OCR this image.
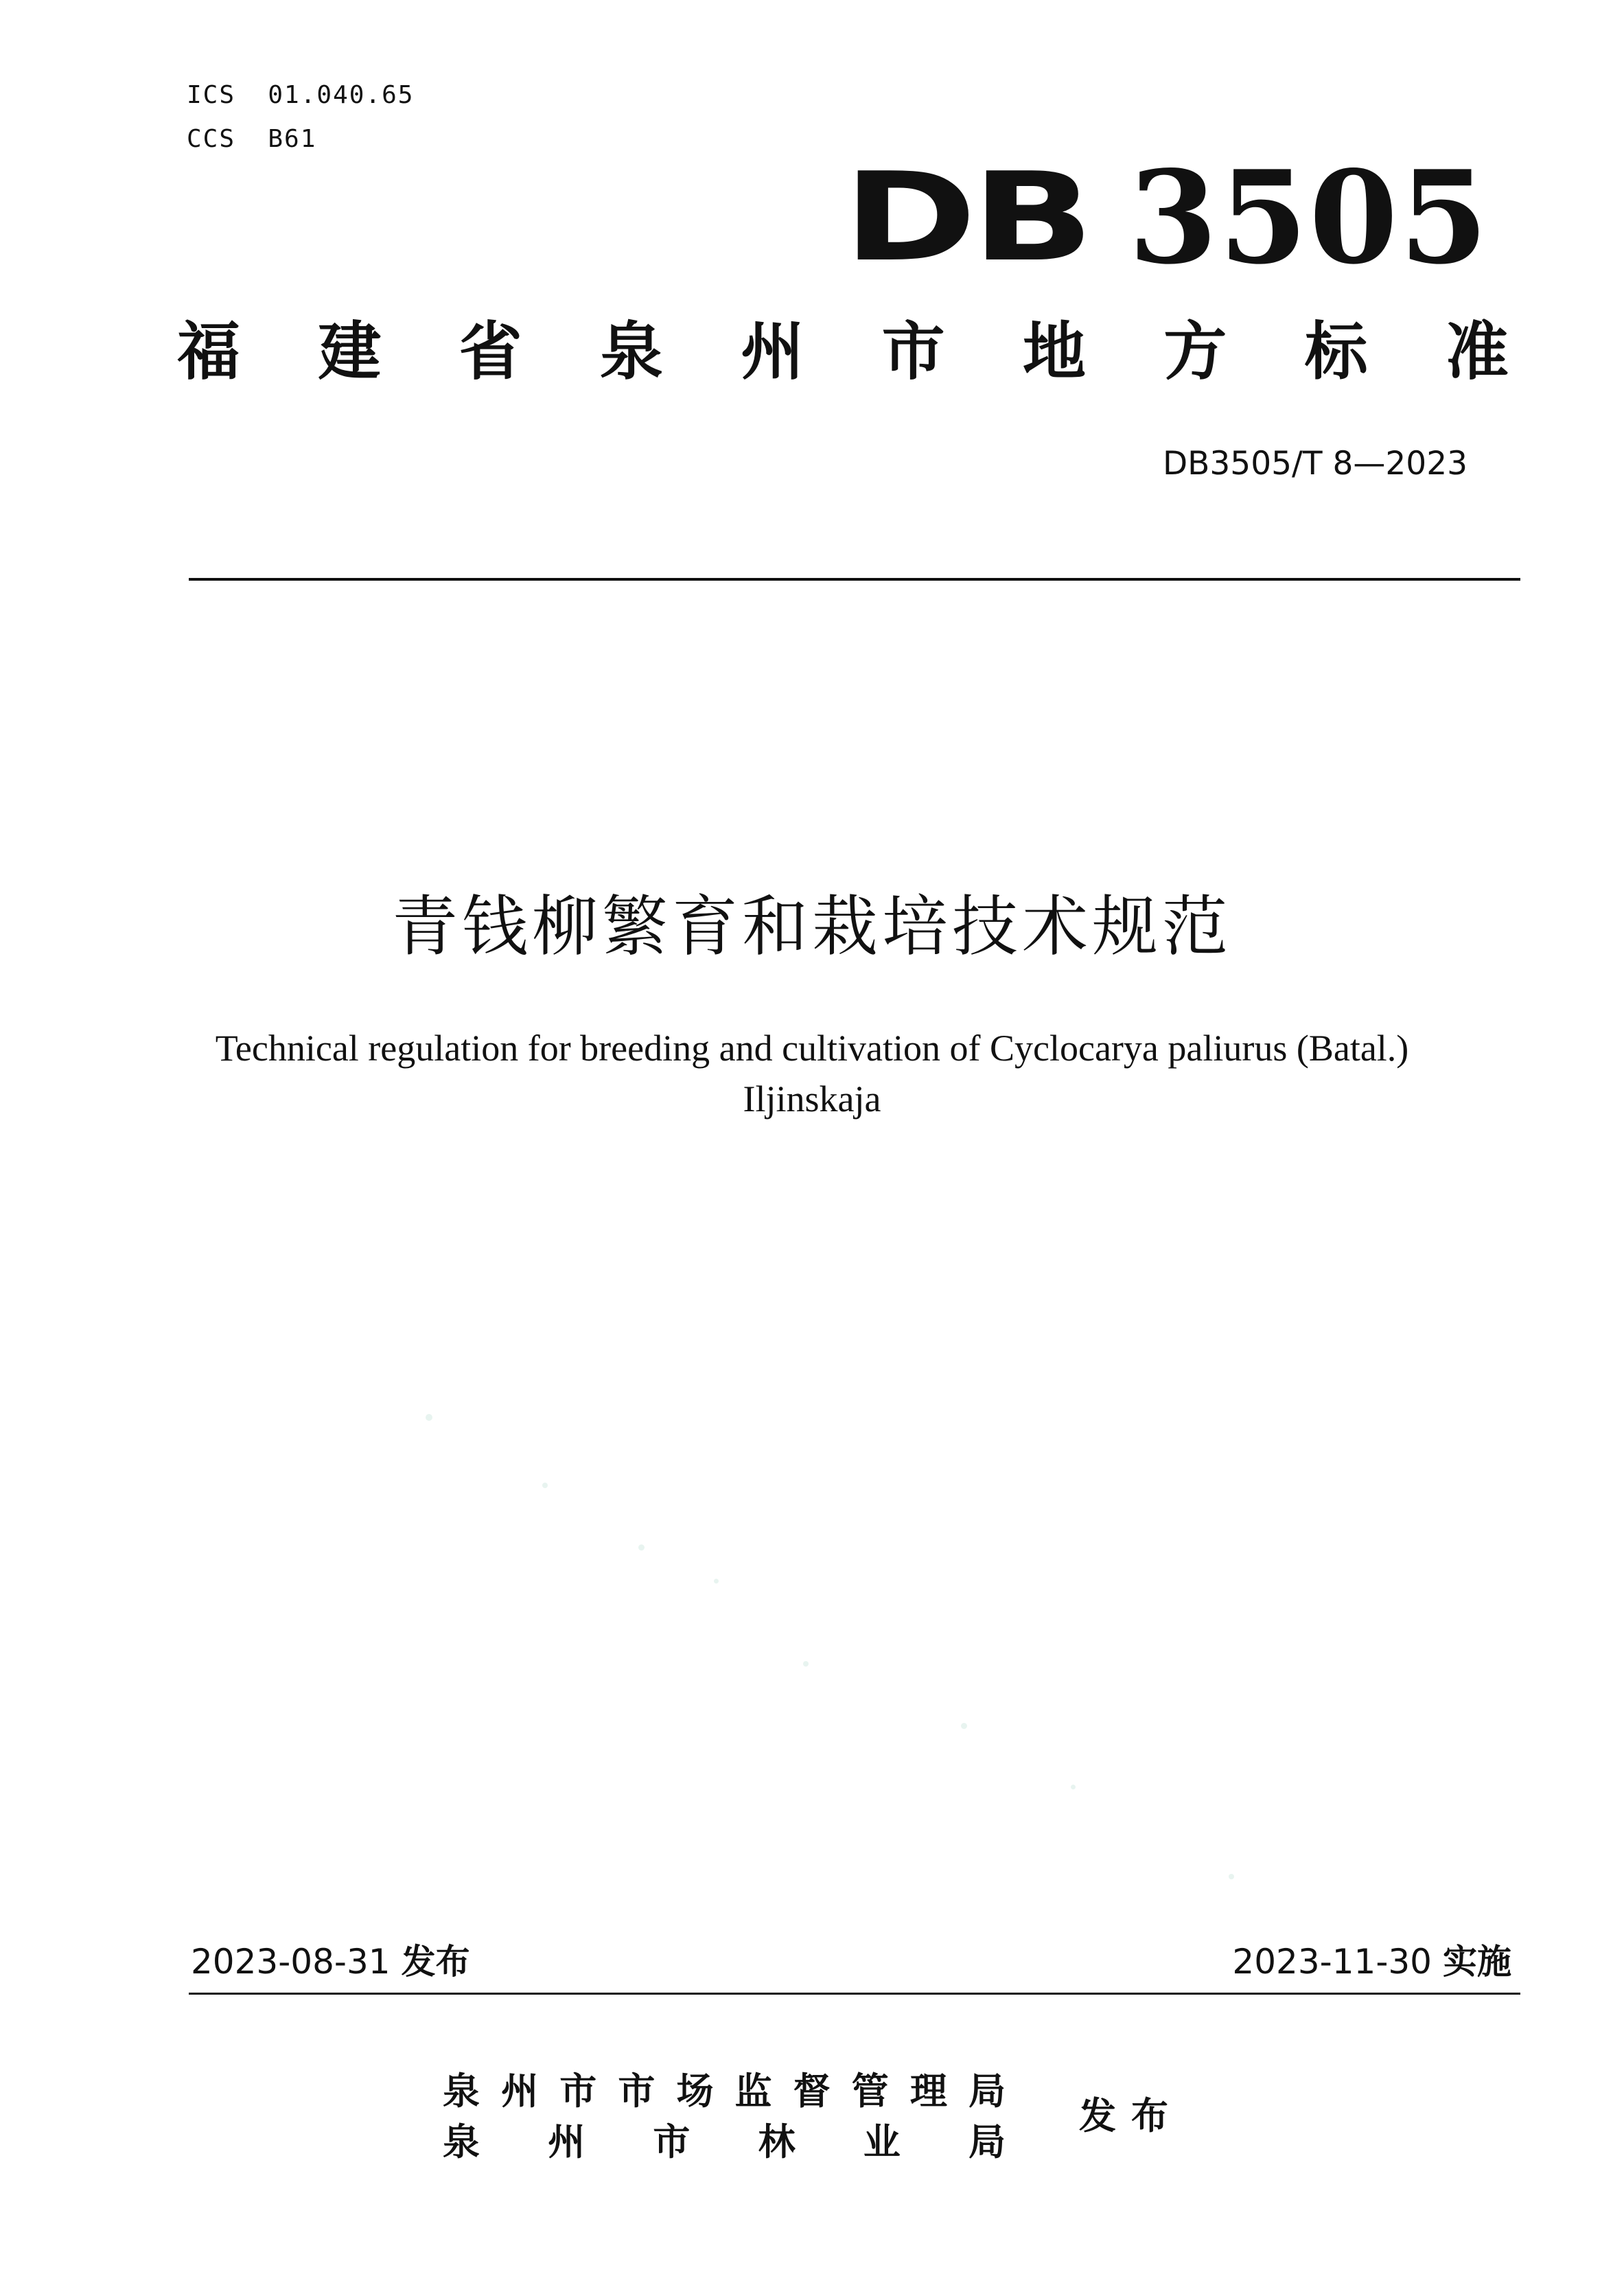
ICS  01.040.65
CCS  B61
DB 3505
福 建 省 泉 州 市 地 方 标 准
DB3505/T 8—2023
青钱柳繁育和栽培技术规范
Technical regulation for breeding and cultivation of Cyclocarya paliurus (Batal.)
Iljinskaja
2023-08-31 发布	2023-11-30 实施
泉 州 市 市 场 监 督 管 理 局
泉 州 市 林 业 局
发布
